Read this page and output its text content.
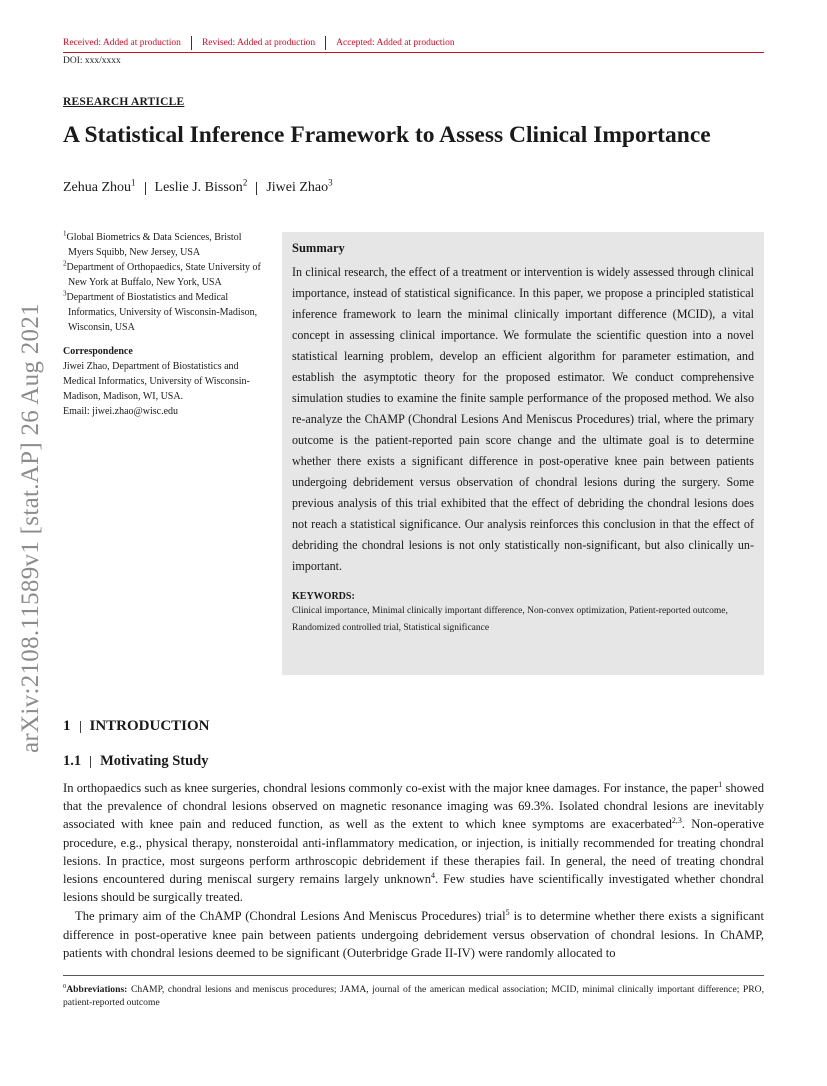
Received: Added at production Revised: Added at production Accepted: Added at production
DOI: xxx/xxxx
RESEARCH ARTICLE
A Statistical Inference Framework to Assess Clinical Importance
Zehua Zhou$^1$ Leslie J. Bisson$^2$ Jiwei Zhao$^3$
arXiv:2108.11589v1 [stat.AP] 26 Aug 2021
$^1$Global Biometrics & Data Sciences, Bristol Myers Squibb, New Jersey, USA
$^2$Department of Orthopaedics, State University of New York at Buffalo, New York, USA
$^3$Department of Biostatistics and Medical Informatics, University of Wisconsin-Madison, Wisconsin, USA
Correspondence
Jiwei Zhao, Department of Biostatistics and Medical Informatics, University of Wisconsin-Madison, Madison, WI, USA.
Email: jiwei.zhao@wisc.edu
Summary
In clinical research, the effect of a treatment or intervention is widely assessed through clinical importance, instead of statistical significance. In this paper, we propose a principled statistical inference framework to learn the minimal clinically important difference (MCID), a vital concept in assessing clinical importance. We formulate the scientific question into a novel statistical learning problem, develop an efficient algorithm for parameter estimation, and establish the asymptotic theory for the proposed estimator. We conduct comprehensive simulation studies to examine the finite sample performance of the proposed method. We also re-analyze the ChAMP (Chondral Lesions And Meniscus Procedures) trial, where the primary outcome is the patient-reported pain score change and the ultimate goal is to determine whether there exists a significant difference in post-operative knee pain between patients undergoing debridement versus observation of chondral lesions during the surgery. Some previous analysis of this trial exhibited that the effect of debriding the chondral lesions does not reach a statistical significance. Our analysis reinforces this conclusion in that the effect of debriding the chondral lesions is not only statistically non-significant, but also clinically un-important.
KEYWORDS:
Clinical importance, Minimal clinically important difference, Non-convex optimization, Patient-reported outcome, Randomized controlled trial, Statistical significance
1 INTRODUCTION
1.1 Motivating Study

In orthopaedics such as knee surgeries, chondral lesions commonly co-exist with the major knee damages. For instance, the paper$^1$ showed that the prevalence of chondral lesions observed on magnetic resonance imaging was 69.3%. Isolated chondral lesions are inevitably associated with knee pain and reduced function, as well as the extent to which knee symptoms are exacerbated$^{2,3}$. Non-operative procedure, e.g., physical therapy, nonsteroidal anti-inflammatory medication, or injection, is initially recommended for treating chondral lesions. In practice, most surgeons perform arthroscopic debridement if these therapies fail. In general, the need of treating chondral lesions encountered during meniscal surgery remains largely unknown$^4$. Few studies have scientifically investigated whether chondral lesions should be surgically treated.

The primary aim of the ChAMP (Chondral Lesions And Meniscus Procedures) trial$^5$ is to determine whether there exists a significant difference in post-operative knee pain between patients undergoing debridement versus observation of chondral lesions. In ChAMP, patients with chondral lesions deemed to be significant (Outerbridge Grade II-IV) were randomly allocated to

$^0$Abbreviations: ChAMP, chondral lesions and meniscus procedures; JAMA, journal of the american medical association; MCID, minimal clinically important difference; PRO, patient-reported outcome
